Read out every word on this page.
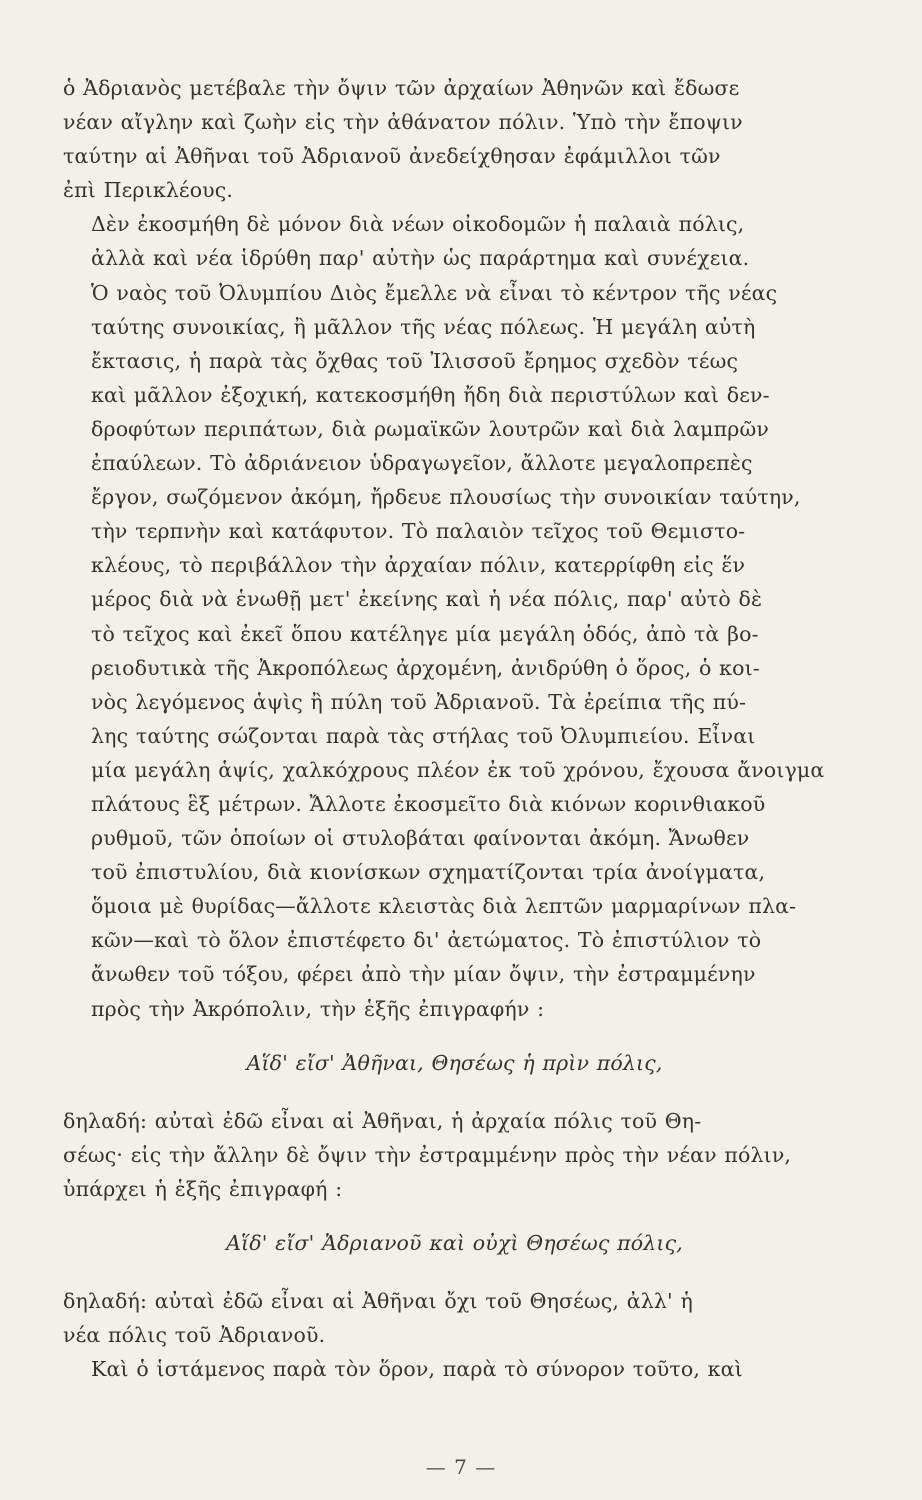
ὁ Ἀδριανὸς μετέβαλε τὴν ὄψιν τῶν ἀρχαίων Ἀθηνῶν καὶ ἔδωσε
νέαν αἴγλην καὶ ζωὴν εἰς τὴν ἀθάνατον πόλιν. Ὑπὸ τὴν ἔποψιν
ταύτην αἱ Ἀθῆναι τοῦ Ἀδριανοῦ ἀνεδείχθησαν ἐφάμιλλοι τῶν
ἐπὶ Περικλέους.

Δὲν ἐκοσμήθη δὲ μόνον διὰ νέων οἰκοδομῶν ἡ παλαιὰ πόλις,
ἀλλὰ καὶ νέα ἱδρύθη παρ' αὐτὴν ὡς παράρτημα καὶ συνέχεια.
Ὁ ναὸς τοῦ Ὀλυμπίου Διὸς ἔμελλε νὰ εἶναι τὸ κέντρον τῆς νέας
ταύτης συνοικίας, ἢ μᾶλλον τῆς νέας πόλεως. Ἡ μεγάλη αὐτὴ
ἔκτασις, ἡ παρὰ τὰς ὄχθας τοῦ Ἰλισσοῦ ἔρημος σχεδὸν τέως
καὶ μᾶλλον ἐξοχική, κατεκοσμήθη ἤδη διὰ περιστύλων καὶ δεν-
δροφύτων περιπάτων, διὰ ρωμαϊκῶν λουτρῶν καὶ διὰ λαμπρῶν
ἐπαύλεων. Τὸ ἀδριάνειον ὑδραγωγεῖον, ἄλλοτε μεγαλοπρεπὲς
ἔργον, σωζόμενον ἀκόμη, ἤρδευε πλουσίως τὴν συνοικίαν ταύτην,
τὴν τερπνὴν καὶ κατάφυτον. Τὸ παλαιὸν τεῖχος τοῦ Θεμιστο-
κλέους, τὸ περιβάλλον τὴν ἀρχαίαν πόλιν, κατερρίφθη εἰς ἕν
μέρος διὰ νὰ ἑνωθῇ μετ' ἐκείνης καὶ ἡ νέα πόλις, παρ' αὐτὸ δὲ
τὸ τεῖχος καὶ ἐκεῖ ὅπου κατέληγε μία μεγάλη ὁδός, ἀπὸ τὰ βο-
ρειοδυτικὰ τῆς Ἀκροπόλεως ἀρχομένη, ἀνιδρύθη ὁ ὅρος, ὁ κοι-
νὸς λεγόμενος ἁψὶς ἢ πύλη τοῦ Ἀδριανοῦ. Τὰ ἐρείπια τῆς πύ-
λης ταύτης σώζονται παρὰ τὰς στήλας τοῦ Ὀλυμπιείου. Εἶναι
μία μεγάλη ἁψίς, χαλκόχρους πλέον ἐκ τοῦ χρόνου, ἔχουσα ἄνοιγμα
πλάτους ἓξ μέτρων. Ἄλλοτε ἐκοσμεῖτο διὰ κιόνων κορινθιακοῦ
ρυθμοῦ, τῶν ὁποίων οἱ στυλοβάται φαίνονται ἀκόμη. Ἄνωθεν
τοῦ ἐπιστυλίου, διὰ κιονίσκων σχηματίζονται τρία ἀνοίγματα,
ὅμοια μὲ θυρίδας—ἄλλοτε κλειστὰς διὰ λεπτῶν μαρμαρίνων πλα-
κῶν—καὶ τὸ ὅλον ἐπιστέφετο δι' ἀετώματος. Τὸ ἐπιστύλιον τὸ
ἄνωθεν τοῦ τόξου, φέρει ἀπὸ τὴν μίαν ὄψιν, τὴν ἐστραμμένην
πρὸς τὴν Ἀκρόπολιν, τὴν ἑξῆς ἐπιγραφήν :

Αἵδ' εἴσ' Ἀθῆναι, Θησέως ἡ πρὶν πόλις,

δηλαδή: αὐταὶ ἐδῶ εἶναι αἱ Ἀθῆναι, ἡ ἀρχαία πόλις τοῦ Θη-
σέως· εἰς τὴν ἄλλην δὲ ὄψιν τὴν ἐστραμμένην πρὸς τὴν νέαν πόλιν,
ὑπάρχει ἡ ἑξῆς ἐπιγραφή :

Αἵδ' εἴσ' Ἀδριανοῦ καὶ οὐχὶ Θησέως πόλις,

δηλαδή: αὐταὶ ἐδῶ εἶναι αἱ Ἀθῆναι ὄχι τοῦ Θησέως, ἀλλ' ἡ
νέα πόλις τοῦ Ἀδριανοῦ.

Καὶ ὁ ἱστάμενος παρὰ τὸν ὅρον, παρὰ τὸ σύνορον τοῦτο, καὶ

— 7 —
